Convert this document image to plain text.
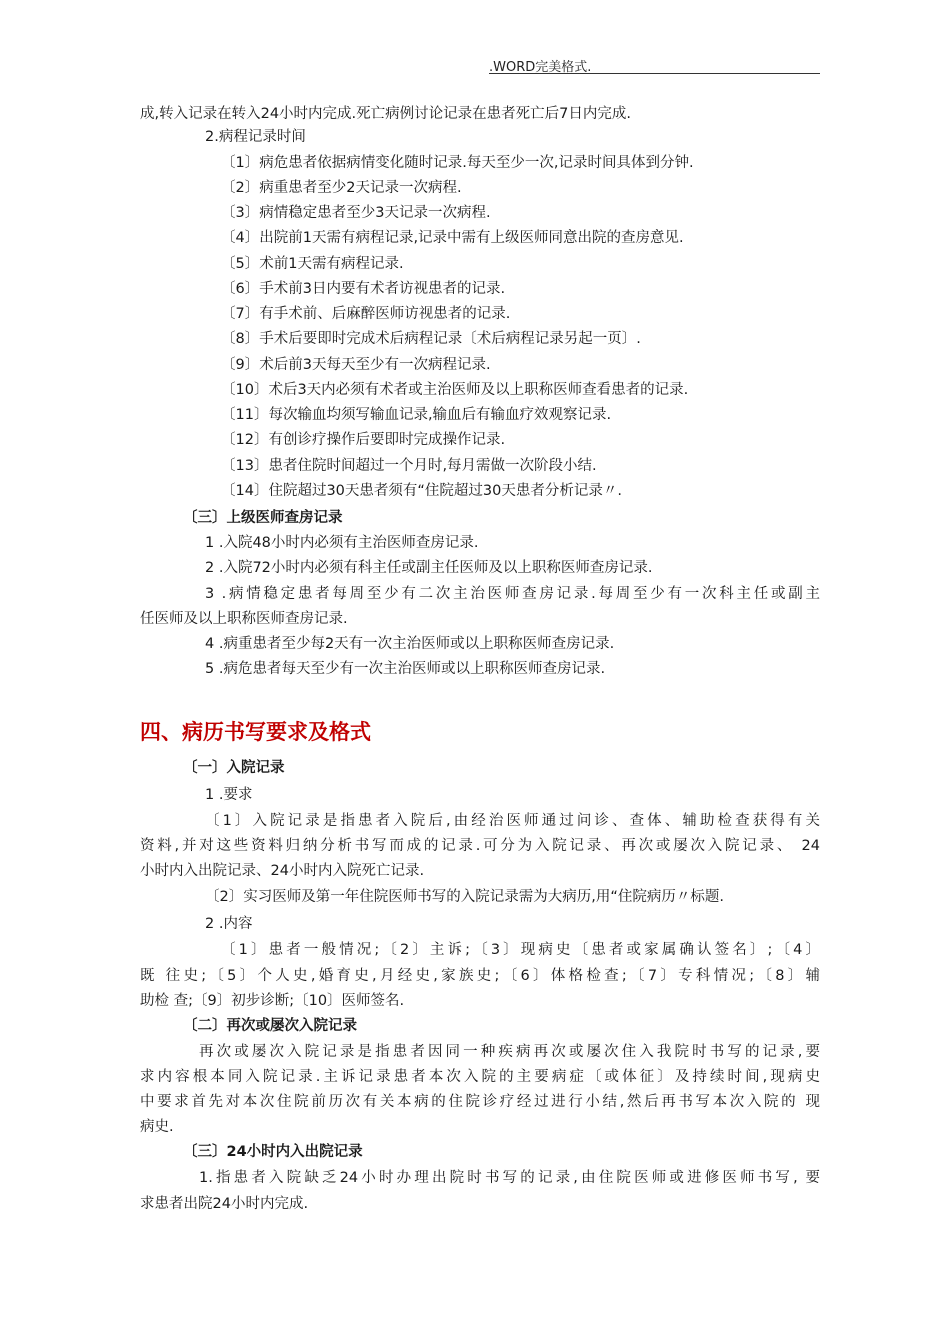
.WORD完美格式.
成,转入记录在转入24小时内完成.死亡病例讨论记录在患者死亡后7日内完成.
2.病程记录时间
〔1〕病危患者依据病情变化随时记录.每天至少一次,记录时间具体到分钟.
〔2〕病重患者至少2天记录一次病程.
〔3〕病情稳定患者至少3天记录一次病程.
〔4〕出院前1天需有病程记录,记录中需有上级医师同意出院的查房意见.
〔5〕术前1天需有病程记录.
〔6〕手术前3日内要有术者访视患者的记录.
〔7〕有手术前、后麻醉医师访视患者的记录.
〔8〕手术后要即时完成术后病程记录〔术后病程记录另起一页〕.
〔9〕术后前3天每天至少有一次病程记录.
〔10〕术后3天内必须有术者或主治医师及以上职称医师查看患者的记录.
〔11〕每次输血均须写输血记录,输血后有输血疗效观察记录.
〔12〕有创诊疗操作后要即时完成操作记录.
〔13〕患者住院时间超过一个月时,每月需做一次阶段小结.
〔14〕住院超过30天患者须有“住院超过30天患者分析记录〃.
〔三〕上级医师查房记录
1 .入院48小时内必须有主治医师查房记录.
2 .入院72小时内必须有科主任或副主任医师及以上职称医师查房记录.
3 .病情稳定患者每周至少有二次主治医师查房记录.每周至少有一次科主任或副主
任医师及以上职称医师查房记录.
4 .病重患者至少每2天有一次主治医师或以上职称医师查房记录.
5 .病危患者每天至少有一次主治医师或以上职称医师查房记录.
四、病历书写要求及格式
〔一〕入院记录
1 .要求
〔1〕入院记录是指患者入院后,由经治医师通过问诊、查体、辅助检查获得有关
资料,并对这些资料归纳分析书写而成的记录.可分为入院记录、再次或屡次入院记录、 24
小时内入出院记录、24小时内入院死亡记录.
〔2〕实习医师及第一年住院医师书写的入院记录需为大病历,用“住院病历〃标题.
2 .内容
〔1〕患者一般情况;〔2〕主诉;〔3〕现病史〔患者或家属确认签名〕;〔4〕
既 往史;〔5〕个人史,婚育史,月经史,家族史;〔6〕体格检查;〔7〕专科情况;〔8〕辅
助检 查;〔9〕初步诊断;〔10〕医师签名.
〔二〕再次或屡次入院记录
再次或屡次入院记录是指患者因同一种疾病再次或屡次住入我院时书写的记录,要
求内容根本同入院记录.主诉记录患者本次入院的主要病症〔或体征〕及持续时间,现病史
中要求首先对本次住院前历次有关本病的住院诊疗经过进行小结,然后再书写本次入院的 现
病史.
〔三〕24小时内入出院记录
1.指患者入院缺乏24小时办理出院时书写的记录,由住院医师或进修医师书写, 要
求患者出院24小时内完成.
